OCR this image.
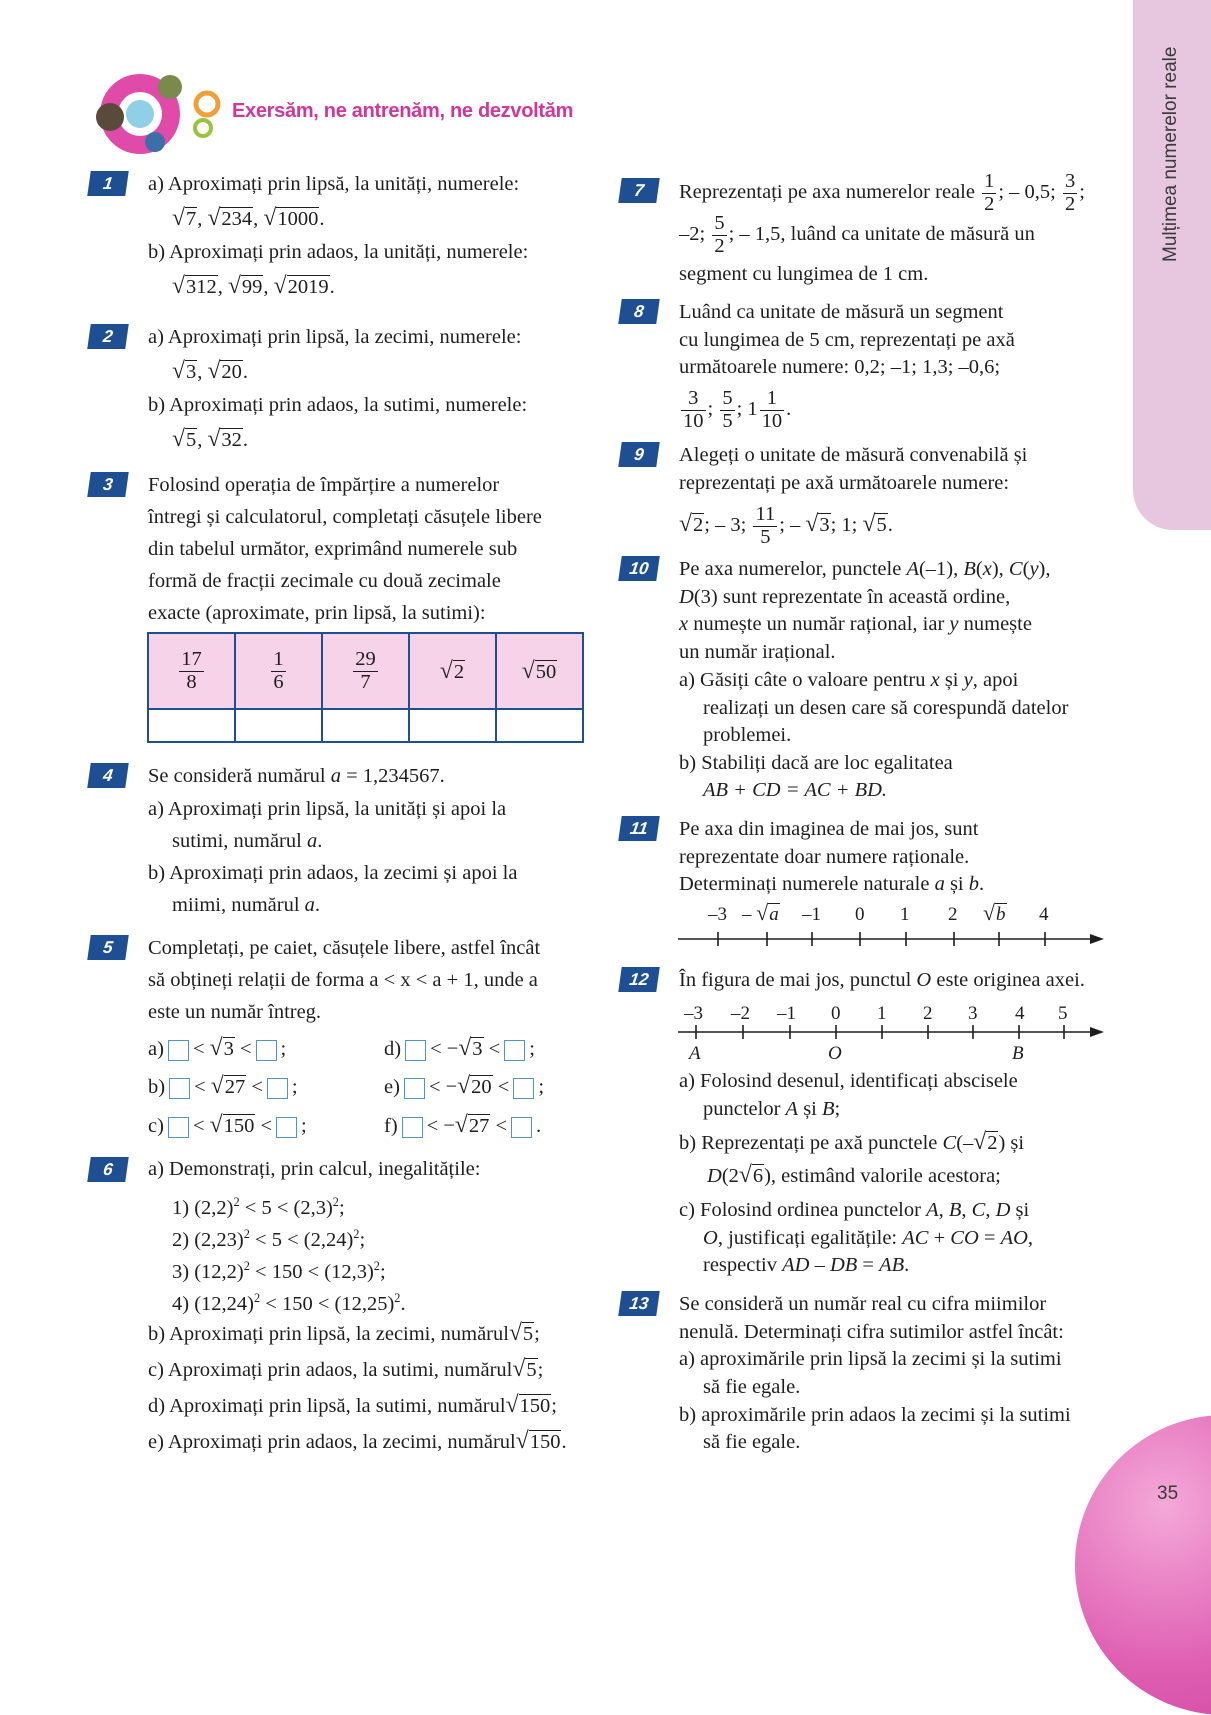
Mulțimea numerelor reale
35
Exersăm, ne antrenăm, ne dezvoltăm
1
2
3
4
5
6
7
8
9
10
11
12
13
a) Aproximați prin lipsă, la unități, numerele:
√7, √234, √1000.
b) Aproximați prin adaos, la unități, numerele:
√312, √99, √2019.
a) Aproximați prin lipsă, la zecimi, numerele:
√3, √20.
b) Aproximați prin adaos, la sutimi, numerele:
√5, √32.
Folosind operația de împărțire a numerelor
întregi și calculatorul, completați căsuțele libere
din tabelul următor, exprimând numerele sub
formă de fracții zecimale cu două zecimale
exacte (aproximate, prin lipsă, la sutimi):
$\frac{17}{8}$	$\frac{1}{6}$	$\frac{29}{7}$	√2	√50

Se consideră numărul a = 1,234567.
a) Aproximați prin lipsă, la unități și apoi la
sutimi, numărul a.
b) Aproximați prin adaos, la zecimi și apoi la
miimi, numărul a.
Completați, pe caiet, căsuțele libere, astfel încât
să obțineți relații de forma a < x < a + 1, unde a
este un număr întreg.
a) < √3 < ;
b) < √27 < ;
c) < √150 < ;
d) < −√3 < ;
e) < −√20 < ;
f) < −√27 < .
a) Demonstrați, prin calcul, inegalitățile:
1) $(2,2)^2 < 5 < (2,3)^2$;
2) $(2,23)^2 < 5 < (2,24)^2$;
3) $(12,2)^2 < 150 < (12,3)^2$;
4) $(12,24)^2 < 150 < (12,25)^2$.
b) Aproximați prin lipsă, la zecimi, numărul√5;
c) Aproximați prin adaos, la sutimi, numărul√5;
d) Aproximați prin lipsă, la sutimi, numărul√150;
e) Aproximați prin adaos, la zecimi, numărul√150.
Reprezentați pe axa numerelor reale $\frac{1}{2}$ ; – 0,5; $\frac{3}{2}$ ;
–2; $\frac{5}{2}$ ; – 1,5, luând ca unitate de măsură un
segment cu lungimea de 1 cm.
Luând ca unitate de măsură un segment
cu lungimea de 5 cm, reprezentați pe axă
următoarele numere: 0,2; –1; 1,3; –0,6;
$\frac{3}{10}$ ; $\frac{5}{5}$ ; $1 \frac{1}{10}$ .
Alegeți o unitate de măsură convenabilă și
reprezentați pe axă următoarele numere:
√2; – 3; $\frac{11}{5}$ ; – √3; 1; √5.
Pe axa numerelor, punctele A(–1), B(x), C(y),
D(3) sunt reprezentate în această ordine,
x numește un număr rațional, iar y numește
un număr irațional.
a) Găsiți câte o valoare pentru x și y, apoi
realizați un desen care să corespundă datelor
problemei.
b) Stabiliți dacă are loc egalitatea
AB + CD = AC + BD.
Pe axa din imaginea de mai jos, sunt
reprezentate doar numere raționale.
Determinați numerele naturale a și b.
–3 – √a –1 0 1 2 √b 4
În figura de mai jos, punctul O este originea axei.
–3 –2 –1 0 1 2 3 4 5
A	O	B
a) Folosind desenul, identificați abscisele
punctelor A și B;
b) Reprezentați pe axă punctele C(–√2) și
D(2√6), estimând valorile acestora;
c) Folosind ordinea punctelor A, B, C, D și
O, justificați egalitățile: AC + CO = AO,
respectiv AD – DB = AB.
Se consideră un număr real cu cifra miimilor
nenulă. Determinați cifra sutimilor astfel încât:
a) aproximările prin lipsă la zecimi și la sutimi
să fie egale.
b) aproximările prin adaos la zecimi și la sutimi
să fie egale.
